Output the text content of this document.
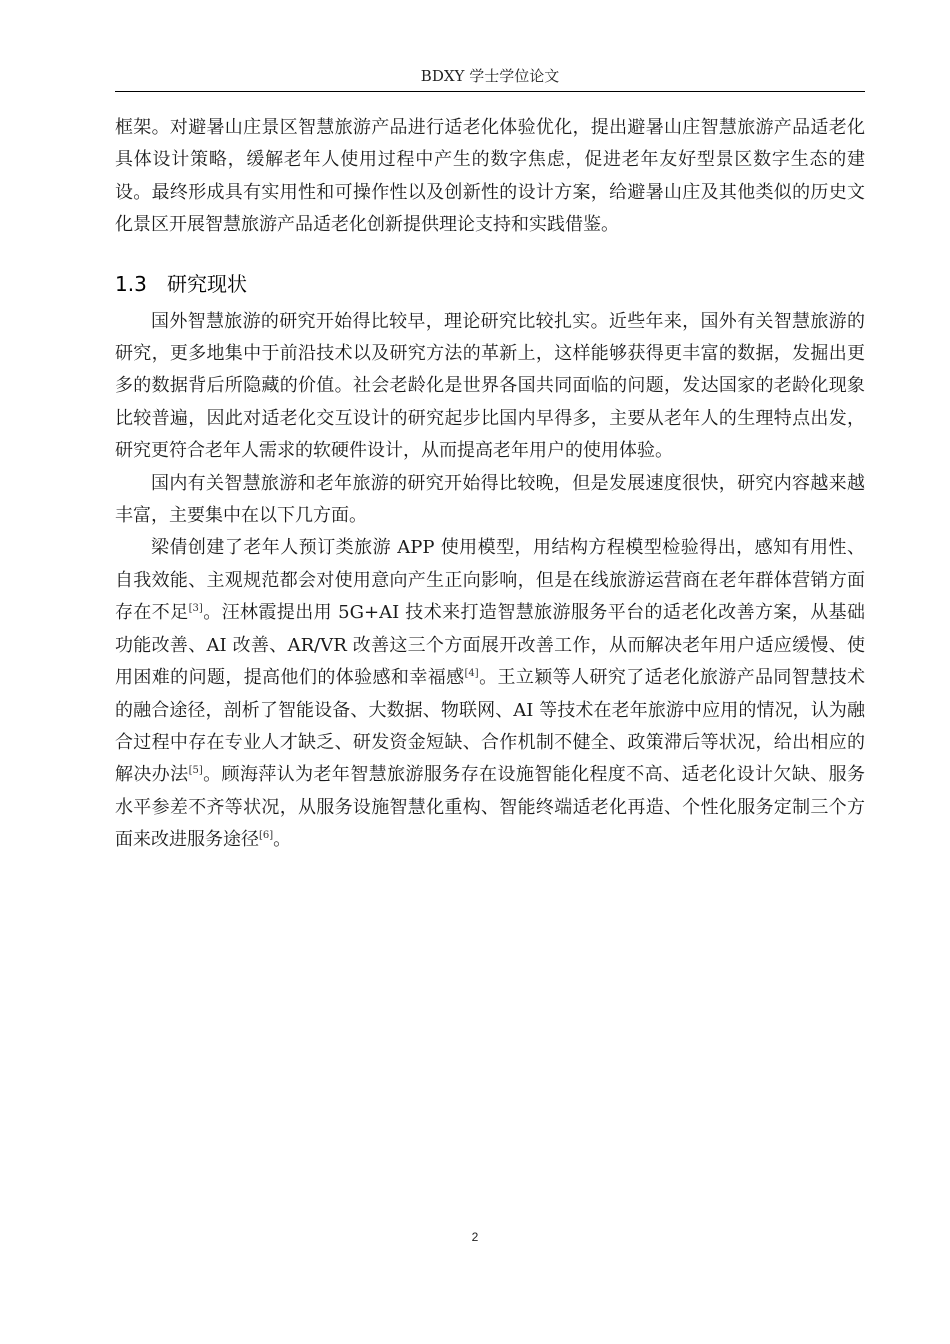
BDXY 学士学位论文

框架。对避暑山庄景区智慧旅游产品进行适老化体验优化，提出避暑山庄智慧旅游产品适老化具体设计策略，缓解老年人使用过程中产生的数字焦虑，促进老年友好型景区数字生态的建设。最终形成具有实用性和可操作性以及创新性的设计方案，给避暑山庄及其他类似的历史文化景区开展智慧旅游产品适老化创新提供理论支持和实践借鉴。

1.3 研究现状

国外智慧旅游的研究开始得比较早，理论研究比较扎实。近些年来，国外有关智慧旅游的研究，更多地集中于前沿技术以及研究方法的革新上，这样能够获得更丰富的数据，发掘出更多的数据背后所隐藏的价值。社会老龄化是世界各国共同面临的问题，发达国家的老龄化现象比较普遍，因此对适老化交互设计的研究起步比国内早得多，主要从老年人的生理特点出发，研究更符合老年人需求的软硬件设计，从而提高老年用户的使用体验。

国内有关智慧旅游和老年旅游的研究开始得比较晚，但是发展速度很快，研究内容越来越丰富，主要集中在以下几方面。

梁倩创建了老年人预订类旅游 APP 使用模型，用结构方程模型检验得出，感知有用性、自我效能、主观规范都会对使用意向产生正向影响，但是在线旅游运营商在老年群体营销方面存在不足[3]。汪林霞提出用 5G+AI 技术来打造智慧旅游服务平台的适老化改善方案，从基础功能改善、AI 改善、AR/VR 改善这三个方面展开改善工作，从而解决老年用户适应缓慢、使用困难的问题，提高他们的体验感和幸福感[4]。王立颖等人研究了适老化旅游产品同智慧技术的融合途径，剖析了智能设备、大数据、物联网、AI 等技术在老年旅游中应用的情况，认为融合过程中存在专业人才缺乏、研发资金短缺、合作机制不健全、政策滞后等状况，给出相应的解决办法[5]。顾海萍认为老年智慧旅游服务存在设施智能化程度不高、适老化设计欠缺、服务水平参差不齐等状况，从服务设施智慧化重构、智能终端适老化再造、个性化服务定制三个方面来改进服务途径[6]。

2
